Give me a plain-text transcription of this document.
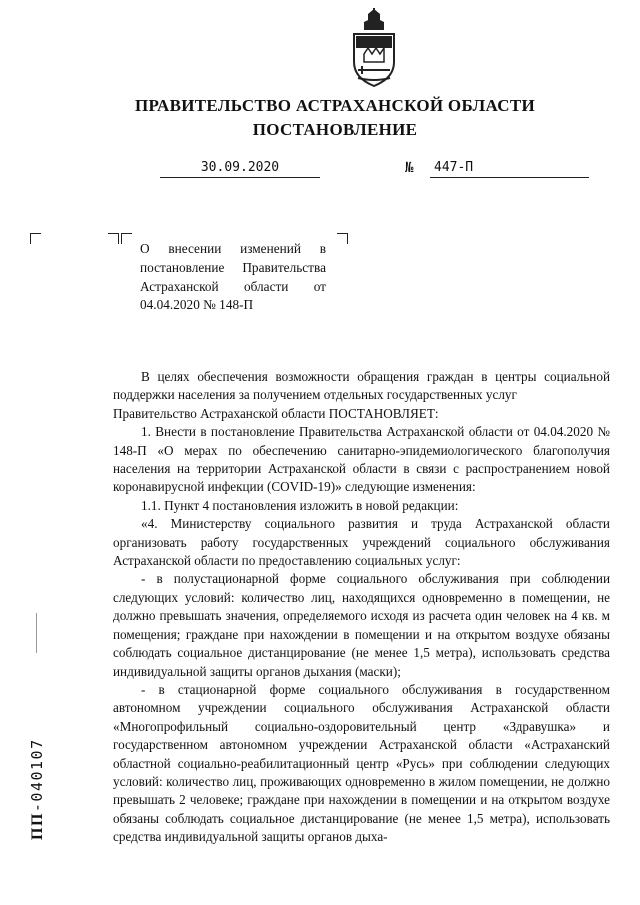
ПРАВИТЕЛЬСТВО АСТРАХАНСКОЙ ОБЛАСТИ
ПОСТАНОВЛЕНИЕ
30.09.2020	№	447-П
О внесении изменений в постановление Правительства Астраханской области от 04.04.2020 № 148-П

В целях обеспечения возможности обращения граждан в центры социальной поддержки населения за получением отдельных государственных услуг

Правительство Астраханской области ПОСТАНОВЛЯЕТ:

1. Внести в постановление Правительства Астраханской области от 04.04.2020 № 148-П «О мерах по обеспечению санитарно-эпидемиологического благополучия населения на территории Астраханской области в связи с распространением новой коронавирусной инфекции (COVID-19)» следующие изменения:

1.1. Пункт 4 постановления изложить в новой редакции:

«4. Министерству социального развития и труда Астраханской области организовать работу государственных учреждений социального обслуживания Астраханской области по предоставлению социальных услуг:

- в полустационарной форме социального обслуживания при соблюдении следующих условий: количество лиц, находящихся одновременно в помещении, не должно превышать значения, определяемого исходя из расчета один человек на 4 кв. м помещения; граждане при нахождении в помещении и на открытом воздухе обязаны соблюдать социальное дистанцирование (не менее 1,5 метра), использовать средства индивидуальной защиты органов дыхания (маски);

- в стационарной форме социального обслуживания в государственном автономном учреждении социального обслуживания Астраханской области «Многопрофильный социально-оздоровительный центр «Здравушка» и государственном автономном учреждении Астраханской области «Астраханский областной социально-реабилитационный центр «Русь» при соблюдении следующих условий: количество лиц, проживающих одновременно в жилом помещении, не должно превышать 2 человеке; граждане при нахождении в помещении и на открытом воздухе обязаны соблюдать социальное дистанцирование (не менее 1,5 метра), использовать средства индивидуальной защиты органов дыха-

ПП-040107
